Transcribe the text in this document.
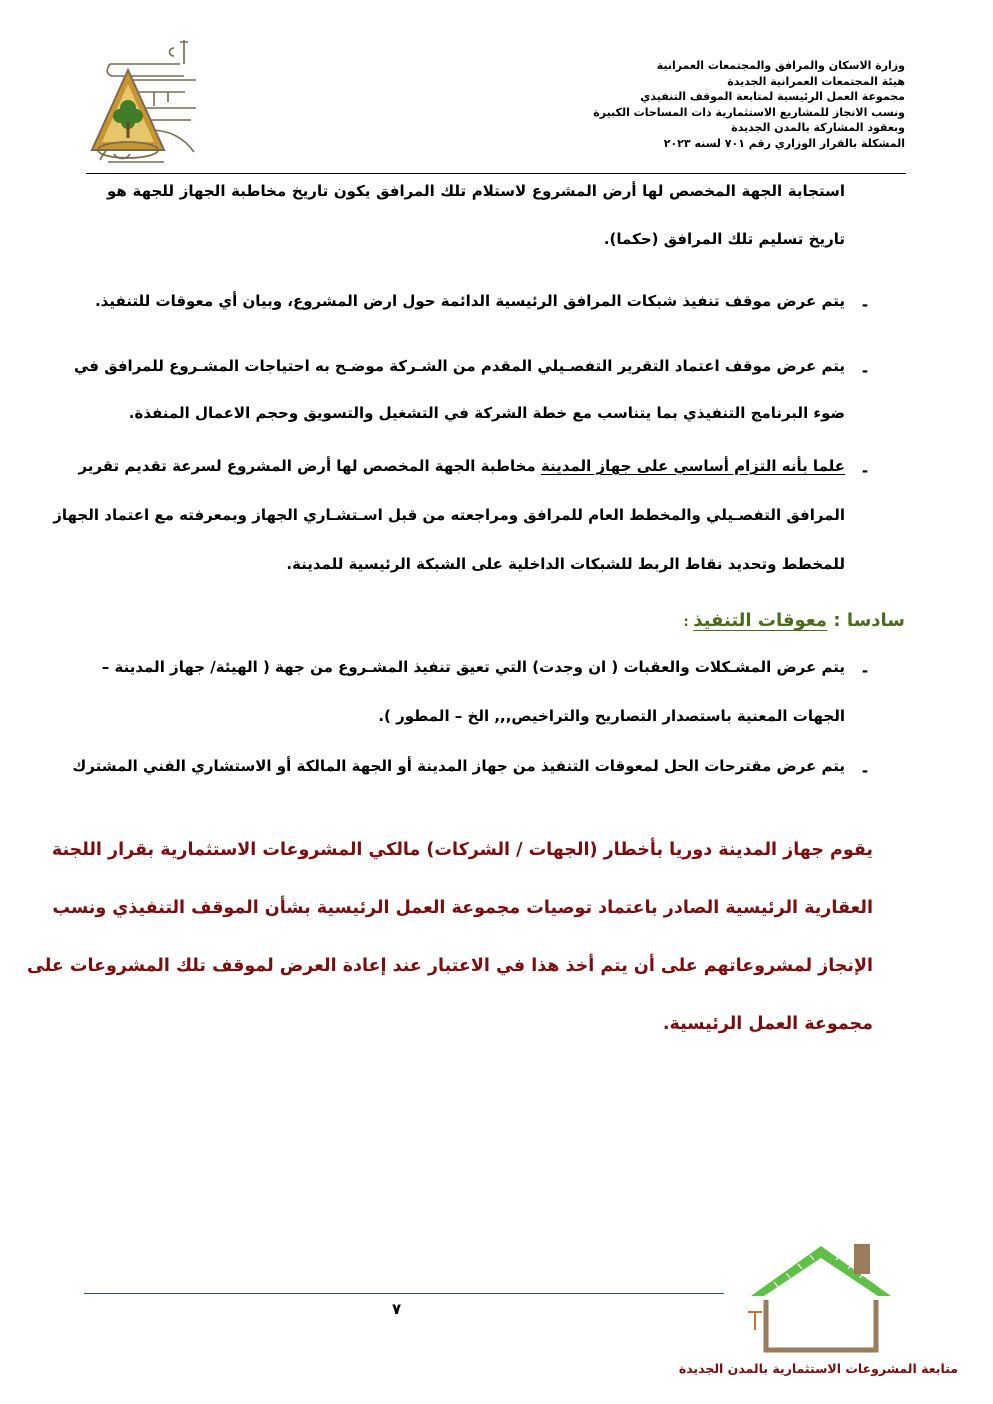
وزارة الاسكان والمرافق والمجتمعات العمرانية
هيئة المجتمعات العمرانية الجديدة
مجموعة العمل الرئيسية لمتابعة الموقف التنفيذي
ونسب الانجاز للمشاريع الاستثمارية ذات المساحات الكبيرة
وبعقود المشاركة بالمدن الجديدة
المشكلة بالقرار الوزاري رقم ٧٠١ لسنه ٢٠٢٣
استجابة الجهة المخصص لها أرض المشروع لاستلام تلك المرافق يكون تاريخ مخاطبة الجهاز للجهة هو
تاريخ تسليم تلك المرافق (حكما).
-
يتم عرض موقف تنفيذ شبكات المرافق الرئيسية الدائمة حول ارض المشروع، وبيان أي معوقات للتنفيذ.
-
يتم عرض موقف اعتماد التقرير التفصـيلي المقدم من الشـركة موضـح به احتياجات المشـروع للمرافق في
ضوء البرنامج التنفيذي بما يتناسب مع خطة الشركة في التشغيل والتسويق وحجم الاعمال المنفذة.
-
علما بأنه التزام أساسي على جهاز المدينة مخاطبة الجهة المخصص لها أرض المشروع لسرعة تقديم تقرير
المرافق التفصـيلي والمخطط العام للمرافق ومراجعته من قبل اسـتشـاري الجهاز وبمعرفته مع اعتماد الجهاز
للمخطط وتحديد نقاط الربط للشبكات الداخلية على الشبكة الرئيسية للمدينة.
سادسا : معوقات التنفيذ :
-
يتم عرض المشـكلات والعقبات ( ان وجدت) التي تعيق تنفيذ المشـروع من جهة ( الهيئة/ جهاز المدينة –
الجهات المعنية باستصدار التصاريح والتراخيص,,, الخ – المطور ).
-
يتم عرض مقترحات الحل لمعوقات التنفيذ من جهاز المدينة أو الجهة المالكة أو الاستشاري الفني المشترك
يقوم جهاز المدينة دوريا بأخطار (الجهات / الشركات) مالكي المشروعات الاستثمارية بقرار اللجنة
العقارية الرئيسية الصادر باعتماد توصيات مجموعة العمل الرئيسية بشأن الموقف التنفيذي ونسب
الإنجاز لمشروعاتهم على أن يتم أخذ هذا في الاعتبار عند إعادة العرض لموقف تلك المشروعات على
مجموعة العمل الرئيسية.
٧
متابعة المشروعات الاستثمارية بالمدن الجديدة
